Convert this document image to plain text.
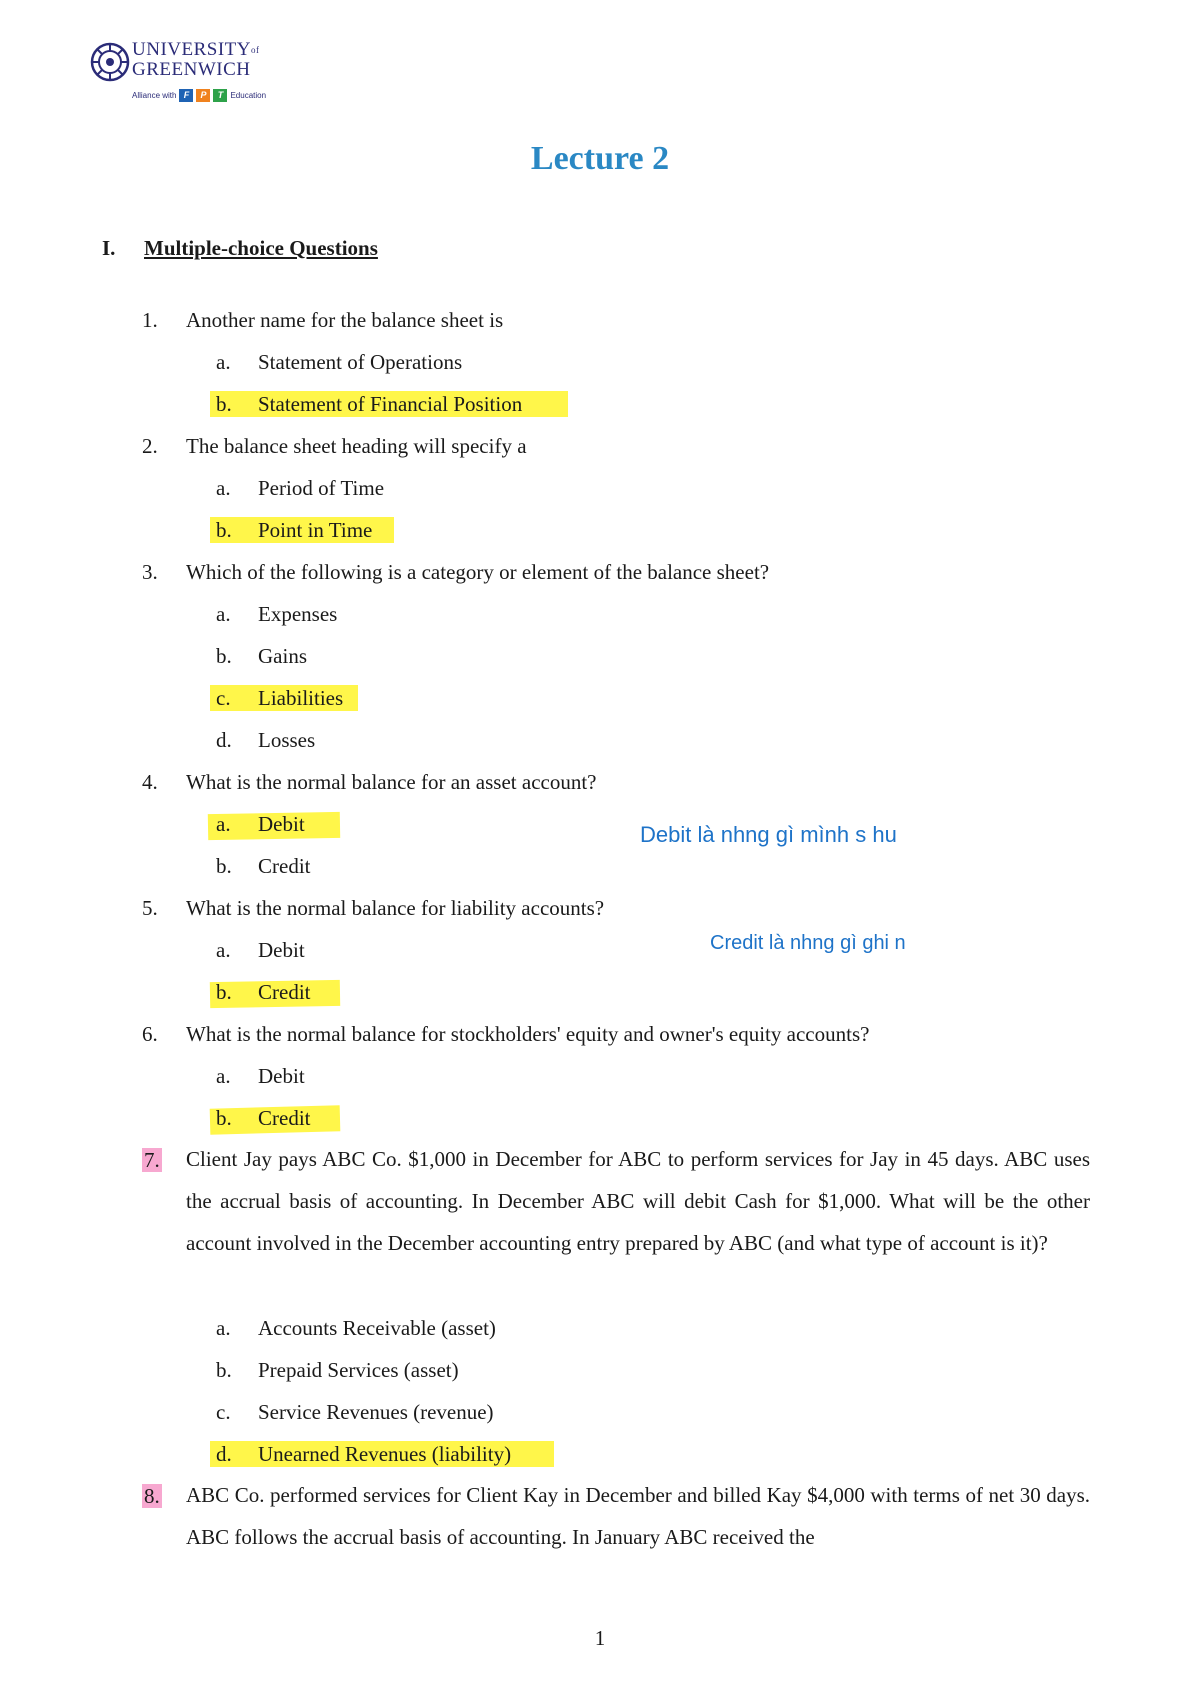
$UNIVERSITY^{of}$
GREENWICH
Alliance with F	P	T Education
Lecture 2
I. Multiple-choice Questions
1.	Another name for the balance sheet is
a. Statement of Operations
b. Statement of Financial Position
2.	The balance sheet heading will specify a
a. Period of Time
b. Point in Time
3.	Which of the following is a category or element of the balance sheet?
a. Expenses
b. Gains
c. Liabilities
d. Losses
4.	What is the normal balance for an asset account?
a. Debit
b. Credit
5.	What is the normal balance for liability accounts?
a. Debit
b. Credit
6.	What is the normal balance for stockholders' equity and owner's equity accounts?
a. Debit
b. Credit
7.	Client Jay pays ABC Co. $1,000 in December for ABC to perform services for Jay in 45 days. ABC uses the accrual basis of accounting. In December ABC will debit Cash for $1,000. What will be the other account involved in the December accounting entry prepared by ABC (and what type of account is it)?
a. Accounts Receivable (asset)
b. Prepaid Services (asset)
c. Service Revenues (revenue)
d. Unearned Revenues (liability)
8.	ABC Co. performed services for Client Kay in December and billed Kay $4,000 with terms of net 30 days. ABC follows the accrual basis of accounting. In January ABC received the
Debit là nhng gì mình s hu
Credit là nhng gì ghi n
1
